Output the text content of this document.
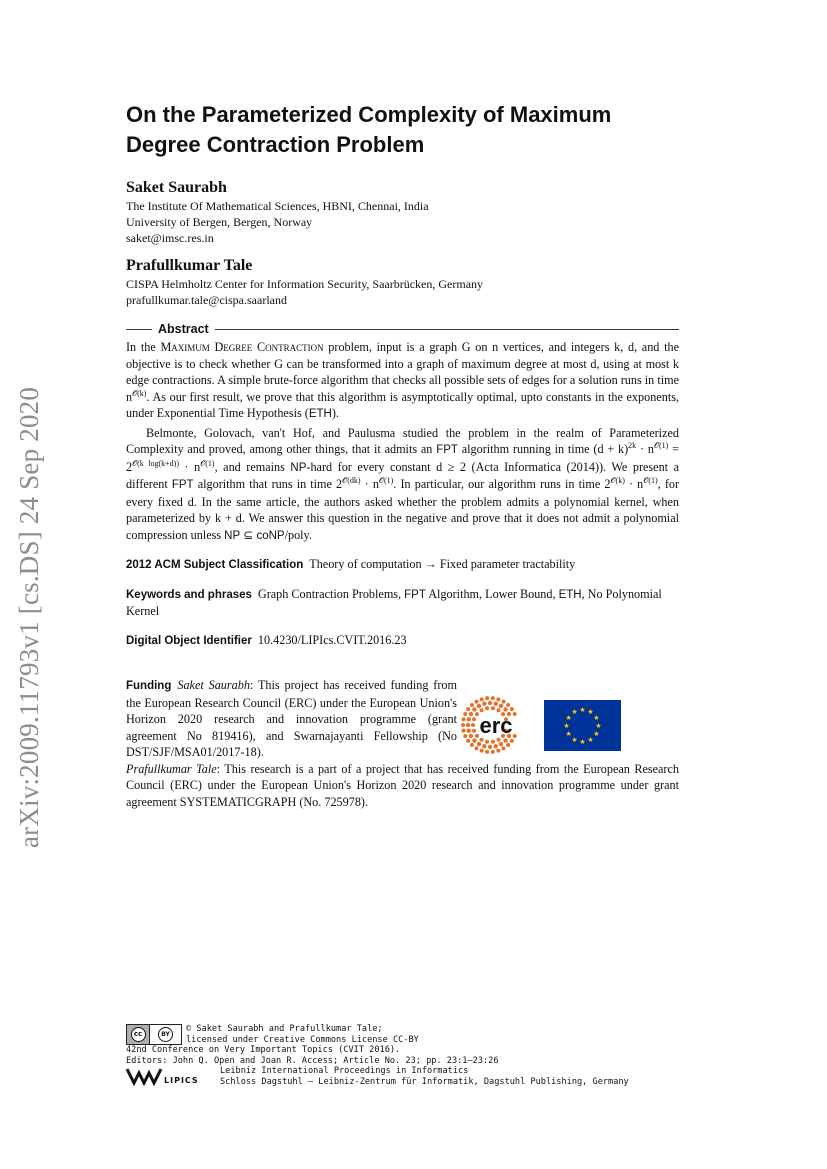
arXiv:2009.11793v1 [cs.DS] 24 Sep 2020
On the Parameterized Complexity of Maximum
Degree Contraction Problem
Saket Saurabh
The Institute Of Mathematical Sciences, HBNI, Chennai, India
University of Bergen, Bergen, Norway
saket@imsc.res.in
Prafullkumar Tale
CISPA Helmholtz Center for Information Security, Saarbrücken, Germany
prafullkumar.tale@cispa.saarland
Abstract

In the Maximum Degree Contraction problem, input is a graph G on n vertices, and integers k, d, and the objective is to check whether G can be transformed into a graph of maximum degree at most d, using at most k edge contractions. A simple brute-force algorithm that checks all possible sets of edges for a solution runs in time $n^{𝒪(k)}$. As our first result, we prove that this algorithm is asymptotically optimal, upto constants in the exponents, under Exponential Time Hypothesis (ETH).

Belmonte, Golovach, van't Hof, and Paulusma studied the problem in the realm of Parameterized Complexity and proved, among other things, that it admits an FPT algorithm running in time $(d + k)^{2k} \cdot n^{𝒪(1)} = 2^{𝒪(k log(k+d))} \cdot n^{𝒪(1)}$, and remains NP-hard for every constant d ≥ 2 (Acta Informatica (2014)). We present a different FPT algorithm that runs in time $2^{𝒪(dk)} \cdot n^{𝒪(1)}$. In particular, our algorithm runs in time $2^{𝒪(k)} \cdot n^{𝒪(1)}$, for every fixed d. In the same article, the authors asked whether the problem admits a polynomial kernel, when parameterized by k + d. We answer this question in the negative and prove that it does not admit a polynomial compression unless NP ⊆ coNP/poly.

2012 ACM Subject Classification Theory of computation → Fixed parameter tractability
Keywords and phrases Graph Contraction Problems, FPT Algorithm, Lower Bound, ETH, No Polynomial Kernel
Digital Object Identifier 10.4230/LIPIcs.CVIT.2016.23
Funding Saket Saurabh: This project has received funding from the European Research Council (ERC) under the European Union's Horizon 2020 research and innovation programme (grant agreement No 819416), and Swarnajayanti Fellowship (No DST/SJF/MSA01/2017-18).
Prafullkumar Tale: This research is a part of a project that has received funding from the European Research Council (ERC) under the European Union's Horizon 2020 research and innovation programme under grant agreement SYSTEMATICGRAPH (No. 725978).
erc
★ ★
★
★
★
★
★
★
★
★
★
★
cc	BY
© Saket Saurabh and Prafullkumar Tale;
licensed under Creative Commons License CC-BY
42nd Conference on Very Important Topics (CVIT 2016).
Editors: John Q. Open and Joan R. Access; Article No. 23; pp. 23:1–23:26
LIPICS
Leibniz International Proceedings in Informatics
Schloss Dagstuhl – Leibniz-Zentrum für Informatik, Dagstuhl Publishing, Germany
